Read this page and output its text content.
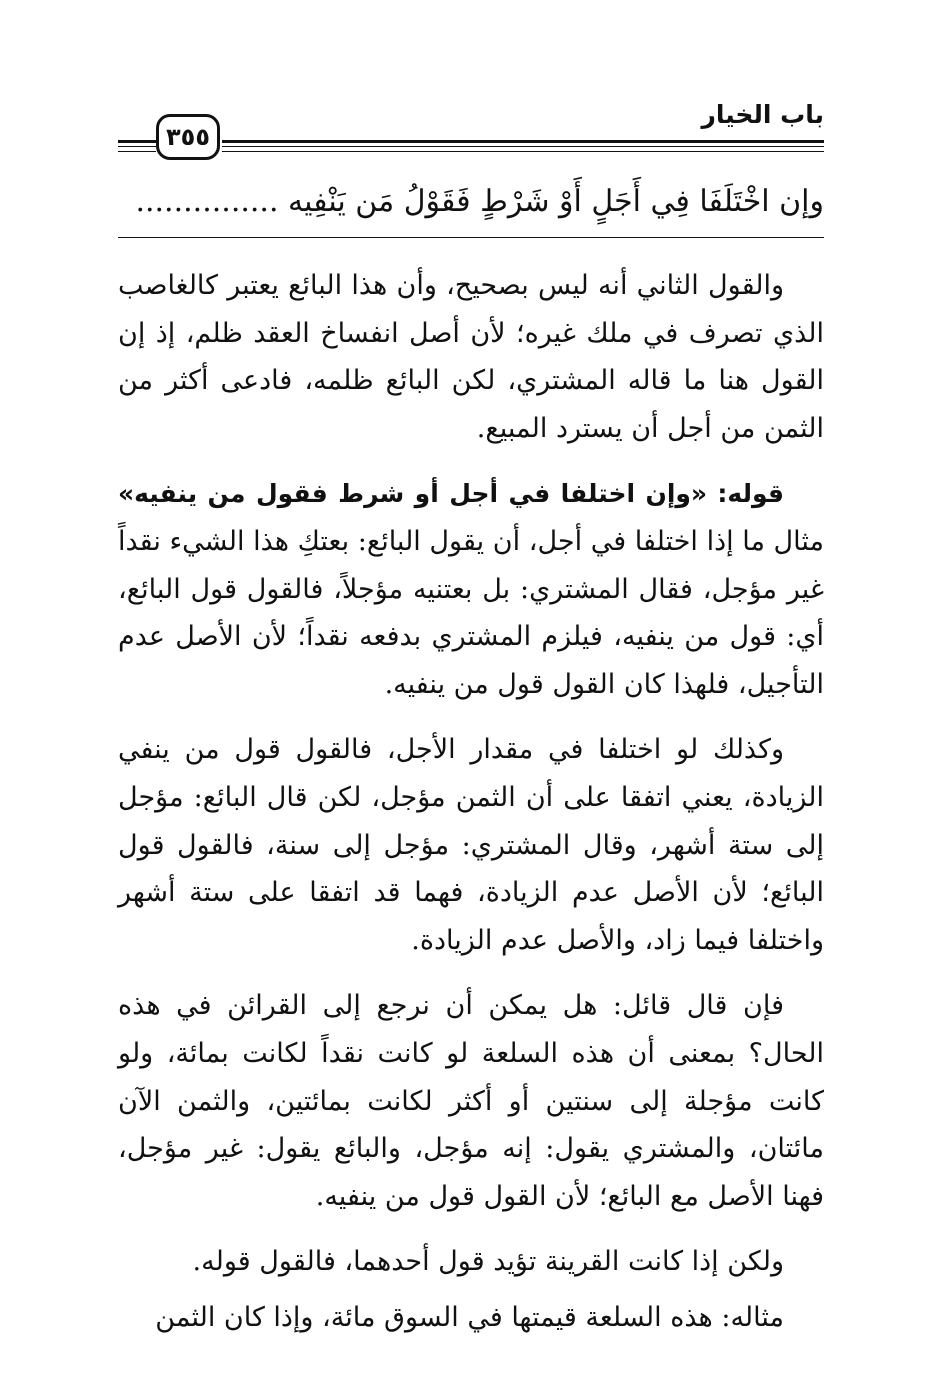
باب الخيار
٣٥٥
وإن اخْتَلَفَا فِي أَجَلٍ أَوْ شَرْطٍ فَقَوْلُ مَن يَنْفِيه ...............

والقول الثاني أنه ليس بصحيح، وأن هذا البائع يعتبر كالغاصب الذي تصرف في ملك غيره؛ لأن أصل انفساخ العقد ظلم، إذ إن القول هنا ما قاله المشتري، لكن البائع ظلمه، فادعى أكثر من الثمن من أجل أن يسترد المبيع.

قوله: «وإن اختلفا في أجل أو شرط فقول من ينفيه» مثال ما إذا اختلفا في أجل، أن يقول البائع: بعتكِ هذا الشيء نقداً غير مؤجل، فقال المشتري: بل بعتنيه مؤجلاً، فالقول قول البائع، أي: قول من ينفيه، فيلزم المشتري بدفعه نقداً؛ لأن الأصل عدم التأجيل، فلهذا كان القول قول من ينفيه.

وكذلك لو اختلفا في مقدار الأجل، فالقول قول من ينفي الزيادة، يعني اتفقا على أن الثمن مؤجل، لكن قال البائع: مؤجل إلى ستة أشهر، وقال المشتري: مؤجل إلى سنة، فالقول قول البائع؛ لأن الأصل عدم الزيادة، فهما قد اتفقا على ستة أشهر واختلفا فيما زاد، والأصل عدم الزيادة.

فإن قال قائل: هل يمكن أن نرجع إلى القرائن في هذه الحال؟ بمعنى أن هذه السلعة لو كانت نقداً لكانت بمائة، ولو كانت مؤجلة إلى سنتين أو أكثر لكانت بمائتين، والثمن الآن مائتان، والمشتري يقول: إنه مؤجل، والبائع يقول: غير مؤجل، فهنا الأصل مع البائع؛ لأن القول قول من ينفيه.

ولكن إذا كانت القرينة تؤيد قول أحدهما، فالقول قوله.

مثاله: هذه السلعة قيمتها في السوق مائة، وإذا كان الثمن
